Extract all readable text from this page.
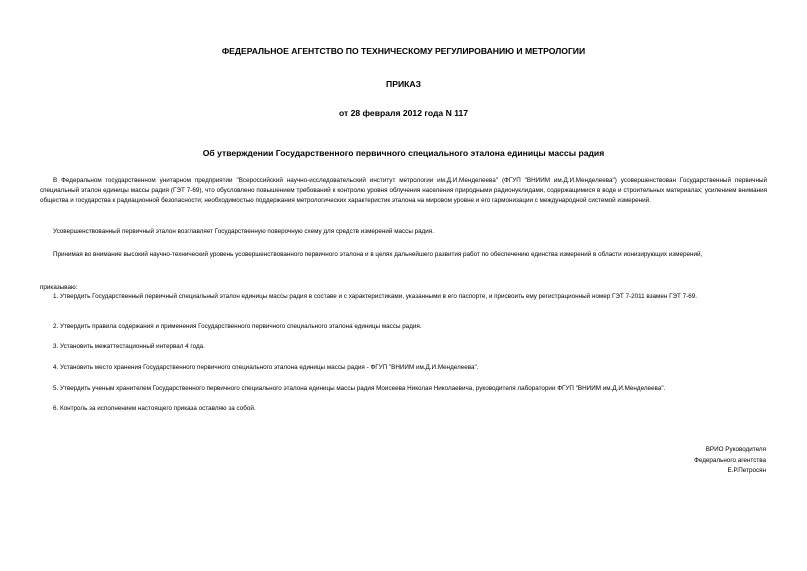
ФЕДЕРАЛЬНОЕ АГЕНТСТВО ПО ТЕХНИЧЕСКОМУ РЕГУЛИРОВАНИЮ И МЕТРОЛОГИИ
ПРИКАЗ
от 28 февраля 2012 года N 117
Об утверждении Государственного первичного специального эталона единицы массы радия
В Федеральном государственном унитарном предприятии "Всероссийский научно-исследовательский институт метрологии им.Д.И.Менделеева" (ФГУП "ВНИИМ им.Д.И.Менделеева") усовершенствован Государственный первичный специальный эталон единицы массы радия (ГЭТ 7-69), что обусловлено повышением требований к контролю уровня облучения населения природными радионуклидами, содержащимися в воде и строительных материалах; усилением внимания общества и государства к радиационной безопасности; необходимостью поддержания метрологических характеристик эталона на мировом уровне и его гармонизации с международной системой измерений.
Усовершенствованный первичный эталон возглавляет Государственную поверочную схему для средств измерений массы радия.
Принимая во внимание высокий научно-технический уровень усовершенствованного первичного эталона и в целях дальнейшего развития работ по обеспечению единства измерений в области ионизирующих измерений,
приказываю:
1. Утвердить Государственный первичный специальный эталон единицы массы радия в составе и с характеристиками, указанными в его паспорте, и присвоить ему регистрационный номер ГЭТ 7-2011 взамен ГЭТ 7-69.
2. Утвердить правила содержания и применения Государственного первичного специального эталона единицы массы радия.
3. Установить межаттестационный интервал 4 года.
4. Установить место хранения Государственного первичного специального эталона единицы массы радия - ФГУП "ВНИИМ им.Д.И.Менделеева".
5. Утвердить ученым хранителем Государственного первичного специального эталона единицы массы радия Моисеева Николая Николаевича, руководителя лаборатории ФГУП "ВНИИМ им.Д.И.Менделеева".
6. Контроль за исполнением настоящего приказа оставляю за собой.
ВРИО Руководителя
Федерального агентства
Е.Р.Петросян
